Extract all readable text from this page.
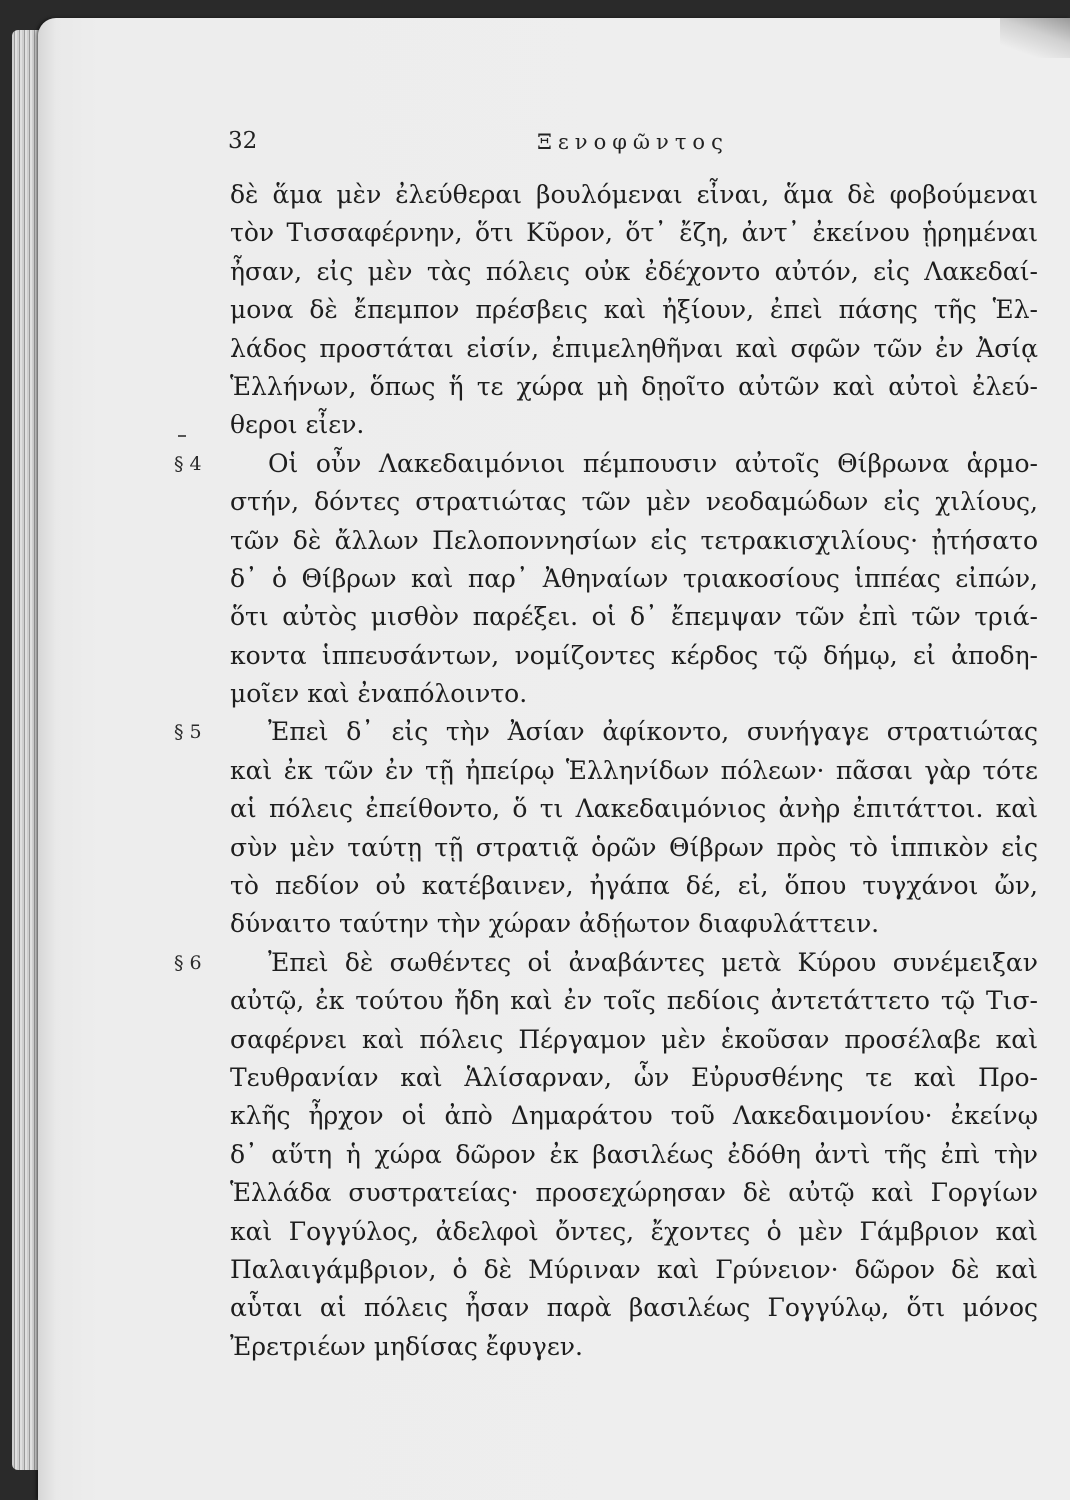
32	Ξενοφῶντος
δὲ ἅμα μὲν ἐλεύθεραι βουλόμεναι εἶναι, ἅμα δὲ φοβούμεναι
τὸν Τισσαφέρνην, ὅτι Κῦρον, ὅτ᾽ ἔζη, ἀντ᾽ ἐκείνου ᾑρημέναι
ἦσαν, εἰς μὲν τὰς πόλεις οὐκ ἐδέχοντο αὐτόν, εἰς Λακεδαί-
μονα δὲ ἔπεμπον πρέσβεις καὶ ἠξίουν, ἐπεὶ πάσης τῆς Ἑλ-
λάδος προστάται εἰσίν, ἐπιμεληθῆναι καὶ σφῶν τῶν ἐν Ἀσίᾳ
Ἑλλήνων, ὅπως ἥ τε χώρα μὴ δῃοῖτο αὐτῶν καὶ αὐτοὶ ἐλεύ-
θεροι εἶεν.
§ 4	Οἱ οὖν Λακεδαιμόνιοι πέμπουσιν αὐτοῖς Θίβρωνα ἁρμο-
στήν, δόντες στρατιώτας τῶν μὲν νεοδαμώδων εἰς χιλίους,
τῶν δὲ ἄλλων Πελοποννησίων εἰς τετρακισχιλίους· ᾐτήσατο
δ᾽ ὁ Θίβρων καὶ παρ᾽ Ἀθηναίων τριακοσίους ἱππέας εἰπών,
ὅτι αὐτὸς μισθὸν παρέξει. οἱ δ᾽ ἔπεμψαν τῶν ἐπὶ τῶν τριά-
κοντα ἱππευσάντων, νομίζοντες κέρδος τῷ δήμῳ, εἰ ἀποδη-
μοῖεν καὶ ἐναπόλοιντο.
§ 5	Ἐπεὶ δ᾽ εἰς τὴν Ἀσίαν ἀφίκοντο, συνήγαγε στρατιώτας
καὶ ἐκ τῶν ἐν τῇ ἠπείρῳ Ἑλληνίδων πόλεων· πᾶσαι γὰρ τότε
αἱ πόλεις ἐπείθοντο, ὅ τι Λακεδαιμόνιος ἀνὴρ ἐπιτάττοι. καὶ
σὺν μὲν ταύτῃ τῇ στρατιᾷ ὁρῶν Θίβρων πρὸς τὸ ἱππικὸν εἰς
τὸ πεδίον οὐ κατέβαινεν, ἠγάπα δέ, εἰ, ὅπου τυγχάνοι ὤν,
δύναιτο ταύτην τὴν χώραν ἀδῄωτον διαφυλάττειν.
§ 6	Ἐπεὶ δὲ σωθέντες οἱ ἀναβάντες μετὰ Κύρου συνέμειξαν
αὐτῷ, ἐκ τούτου ἤδη καὶ ἐν τοῖς πεδίοις ἀντετάττετο τῷ Τισ-
σαφέρνει καὶ πόλεις Πέργαμον μὲν ἑκοῦσαν προσέλαβε καὶ
Τευθρανίαν καὶ Ἁλίσαρναν, ὧν Εὐρυσθένης τε καὶ Προ-
κλῆς ἦρχον οἱ ἀπὸ Δημαράτου τοῦ Λακεδαιμονίου· ἐκείνῳ
δ᾽ αὕτη ἡ χώρα δῶρον ἐκ βασιλέως ἐδόθη ἀντὶ τῆς ἐπὶ τὴν
Ἑλλάδα συστρατείας· προσεχώρησαν δὲ αὐτῷ καὶ Γοργίων
καὶ Γογγύλος, ἀδελφοὶ ὄντες, ἔχοντες ὁ μὲν Γάμβριον καὶ
Παλαιγάμβριον, ὁ δὲ Μύριναν καὶ Γρύνειον· δῶρον δὲ καὶ
αὗται αἱ πόλεις ἦσαν παρὰ βασιλέως Γογγύλῳ, ὅτι μόνος
Ἐρετριέων μηδίσας ἔφυγεν.
